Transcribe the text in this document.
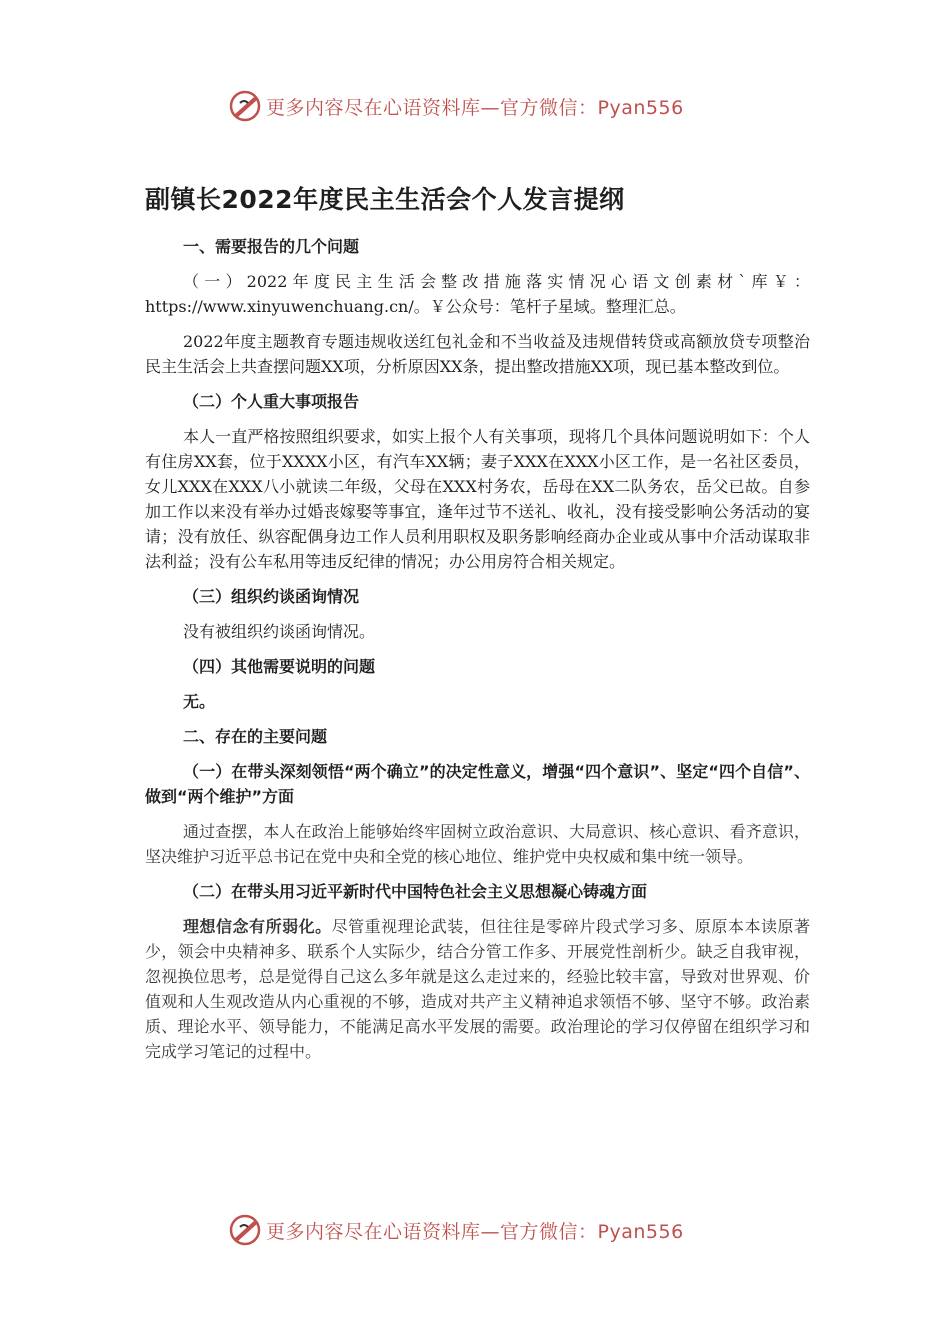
更多内容尽在心语资料库—官方微信：Pyan556
副镇长2022年度民主生活会个人发言提纲

一、需要报告的几个问题

（一）2022年度民主生活会整改措施落实情况心语文创素材`库￥：https://www.xinyuwenchuang.cn/。￥公众号：笔杆子星域。整理汇总。

2022年度主题教育专题违规收送红包礼金和不当收益及违规借转贷或高额放贷专项整治民主生活会上共查摆问题XX项，分析原因XX条，提出整改措施XX项，现已基本整改到位。

（二）个人重大事项报告

本人一直严格按照组织要求，如实上报个人有关事项，现将几个具体问题说明如下：个人有住房XX套，位于XXXX小区，有汽车XX辆；妻子XXX在XXX小区工作，是一名社区委员，女儿XXX在XXX八小就读二年级，父母在XXX村务农，岳母在XX二队务农，岳父已故。自参加工作以来没有举办过婚丧嫁娶等事宜，逢年过节不送礼、收礼，没有接受影响公务活动的宴请；没有放任、纵容配偶身边工作人员利用职权及职务影响经商办企业或从事中介活动谋取非法利益；没有公车私用等违反纪律的情况；办公用房符合相关规定。

（三）组织约谈函询情况

没有被组织约谈函询情况。

（四）其他需要说明的问题

无。

二、存在的主要问题

（一）在带头深刻领悟“两个确立”的决定性意义，增强“四个意识”、坚定“四个自信”、做到“两个维护”方面

通过查摆，本人在政治上能够始终牢固树立政治意识、大局意识、核心意识、看齐意识，坚决维护习近平总书记在党中央和全党的核心地位、维护党中央权威和集中统一领导。

（二）在带头用习近平新时代中国特色社会主义思想凝心铸魂方面

理想信念有所弱化。尽管重视理论武装，但往往是零碎片段式学习多、原原本本读原著少，领会中央精神多、联系个人实际少，结合分管工作多、开展党性剖析少。缺乏自我审视，忽视换位思考，总是觉得自己这么多年就是这么走过来的，经验比较丰富，导致对世界观、价值观和人生观改造从内心重视的不够，造成对共产主义精神追求领悟不够、坚守不够。政治素质、理论水平、领导能力，不能满足高水平发展的需要。政治理论的学习仅停留在组织学习和完成学习笔记的过程中。

更多内容尽在心语资料库—官方微信：Pyan556
